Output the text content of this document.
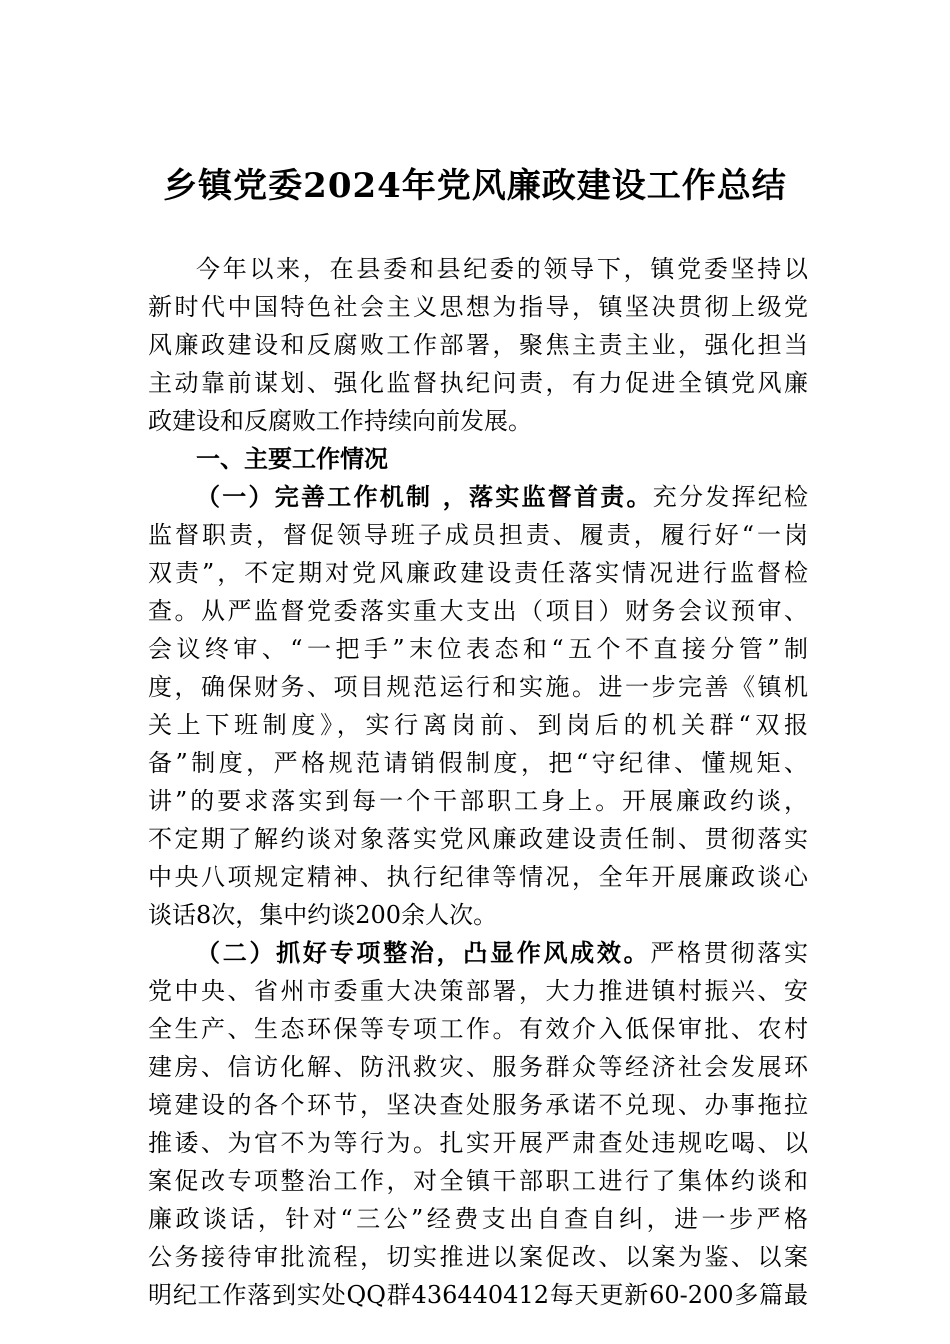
乡镇党委2024年党风廉政建设工作总结
今年以来，在县委和县纪委的领导下，镇党委坚持以
新时代中国特色社会主义思想为指导，镇坚决贯彻上级党
风廉政建设和反腐败工作部署，聚焦主责主业，强化担当
主动靠前谋划、强化监督执纪问责，有力促进全镇党风廉
政建设和反腐败工作持续向前发展。
一、主要工作情况
（一）完善工作机制 ，落实监督首责。充分发挥纪检
监督职责，督促领导班子成员担责、履责，履行好“一岗
双责”，不定期对党风廉政建设责任落实情况进行监督检
查。从严监督党委落实重大支出（项目）财务会议预审、
会议终审、“一把手”末位表态和“五个不直接分管”制
度，确保财务、项目规范运行和实施。进一步完善《镇机
关上下班制度》，实行离岗前、到岗后的机关群“双报
备”制度，严格规范请销假制度，把“守纪律、懂规矩、
讲”的要求落实到每一个干部职工身上。开展廉政约谈，
不定期了解约谈对象落实党风廉政建设责任制、贯彻落实
中央八项规定精神、执行纪律等情况，全年开展廉政谈心
谈话8次，集中约谈200余人次。
（二）抓好专项整治，凸显作风成效。严格贯彻落实
党中央、省州市委重大决策部署，大力推进镇村振兴、安
全生产、生态环保等专项工作。有效介入低保审批、农村
建房、信访化解、防汛救灾、服务群众等经济社会发展环
境建设的各个环节，坚决查处服务承诺不兑现、办事拖拉
推诿、为官不为等行为。扎实开展严肃查处违规吃喝、以
案促改专项整治工作，对全镇干部职工进行了集体约谈和
廉政谈话，针对“三公”经费支出自查自纠，进一步严格
公务接待审批流程，切实推进以案促改、以案为鉴、以案
明纪工作落到实处QQ群436440412每天更新60-200多篇最
